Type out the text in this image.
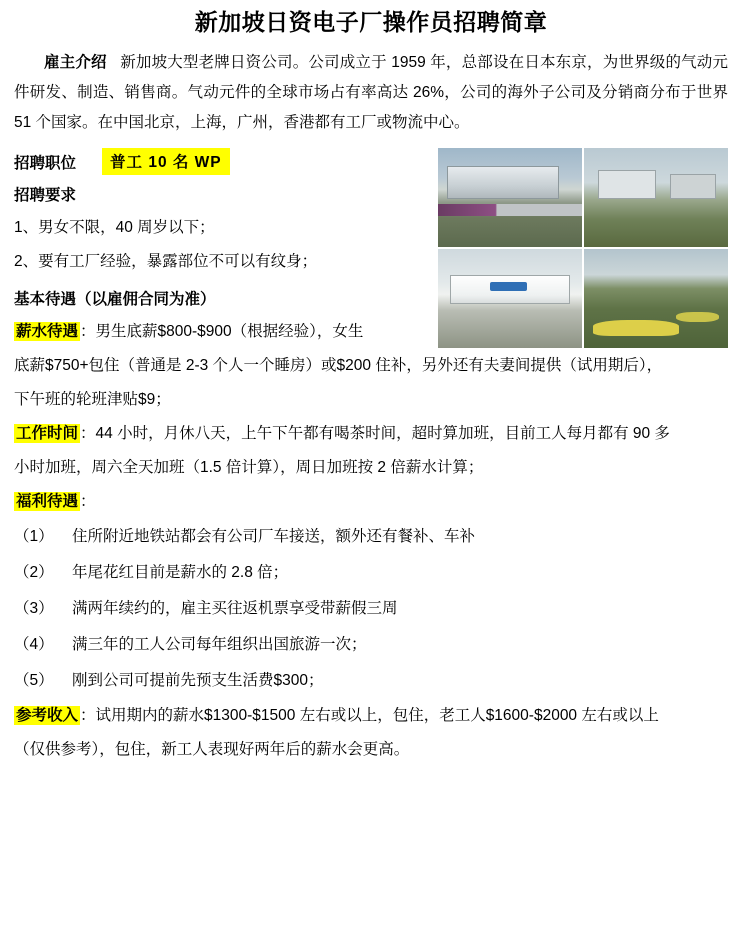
新加坡日资电子厂操作员招聘简章

雇主介绍 新加坡大型老牌日资公司。公司成立于 1959 年，总部设在日本东京，为世界级的气动元件研发、制造、销售商。气动元件的全球市场占有率高达 26%，公司的海外子公司及分销商分布于世界 51 个国家。在中国北京，上海，广州，香港都有工厂或物流中心。

招聘职位	普工 10 名 WP
招聘要求
1、男女不限，40 周岁以下；
2、要有工厂经验，暴露部位不可以有纹身；
基本待遇（以雇佣合同为准）
薪水待遇 ：男生底薪$800-$900（根据经验），女生
底薪$750+包住（普通是 2-3 个人一个睡房）或$200 住补，另外还有夫妻间提供（试用期后），
下午班的轮班津贴$9；
工作时间 ：44 小时，月休八天，上午下午都有喝茶时间，超时算加班，目前工人每月都有 90 多
小时加班，周六全天加班（1.5 倍计算），周日加班按 2 倍薪水计算；
福利待遇 ：
（1） 住所附近地铁站都会有公司厂车接送，额外还有餐补、车补
（2） 年尾花红目前是薪水的 2.8 倍；
（3） 满两年续约的，雇主买往返机票享受带薪假三周
（4） 满三年的工人公司每年组织出国旅游一次；
（5） 刚到公司可提前先预支生活费$300；
参考收入 ：试用期内的薪水$1300-$1500 左右或以上，包住，老工人$1600-$2000 左右或以上
（仅供参考），包住，新工人表现好两年后的薪水会更高。
